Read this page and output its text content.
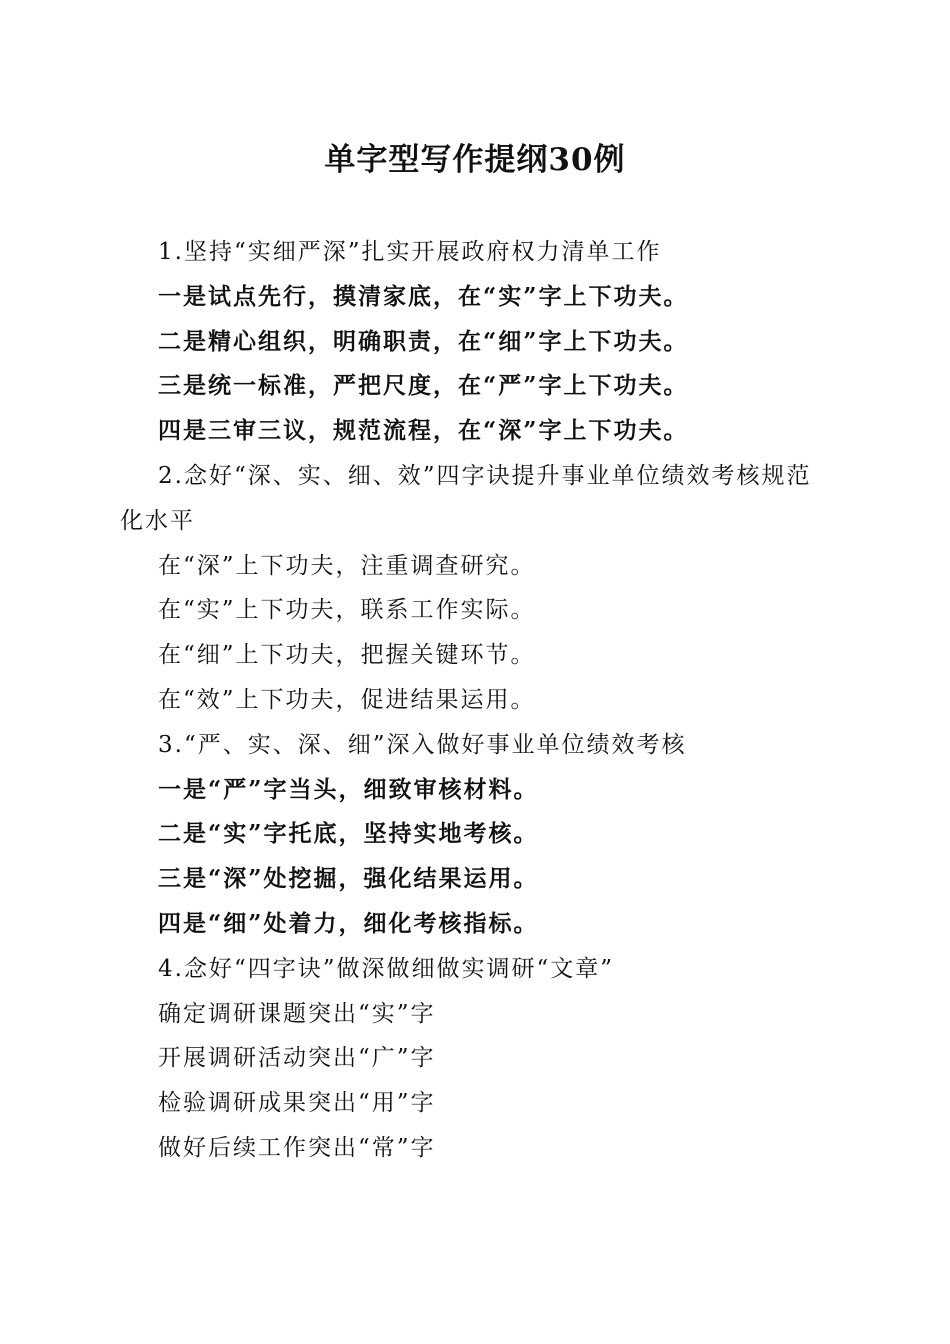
单字型写作提纲30例

1.坚持“实细严深”扎实开展政府权力清单工作

一是试点先行，摸清家底，在“实”字上下功夫。

二是精心组织，明确职责，在“细”字上下功夫。

三是统一标准，严把尺度，在“严”字上下功夫。

四是三审三议，规范流程，在“深”字上下功夫。

2.念好“深、实、细、效”四字诀提升事业单位绩效考核规范化水平

在“深”上下功夫，注重调查研究。

在“实”上下功夫，联系工作实际。

在“细”上下功夫，把握关键环节。

在“效”上下功夫，促进结果运用。

3.“严、实、深、细”深入做好事业单位绩效考核

一是“严”字当头，细致审核材料。

二是“实”字托底，坚持实地考核。

三是“深”处挖掘，强化结果运用。

四是“细”处着力，细化考核指标。

4.念好“四字诀”做深做细做实调研“文章”

确定调研课题突出“实”字

开展调研活动突出“广”字

检验调研成果突出“用”字

做好后续工作突出“常”字
